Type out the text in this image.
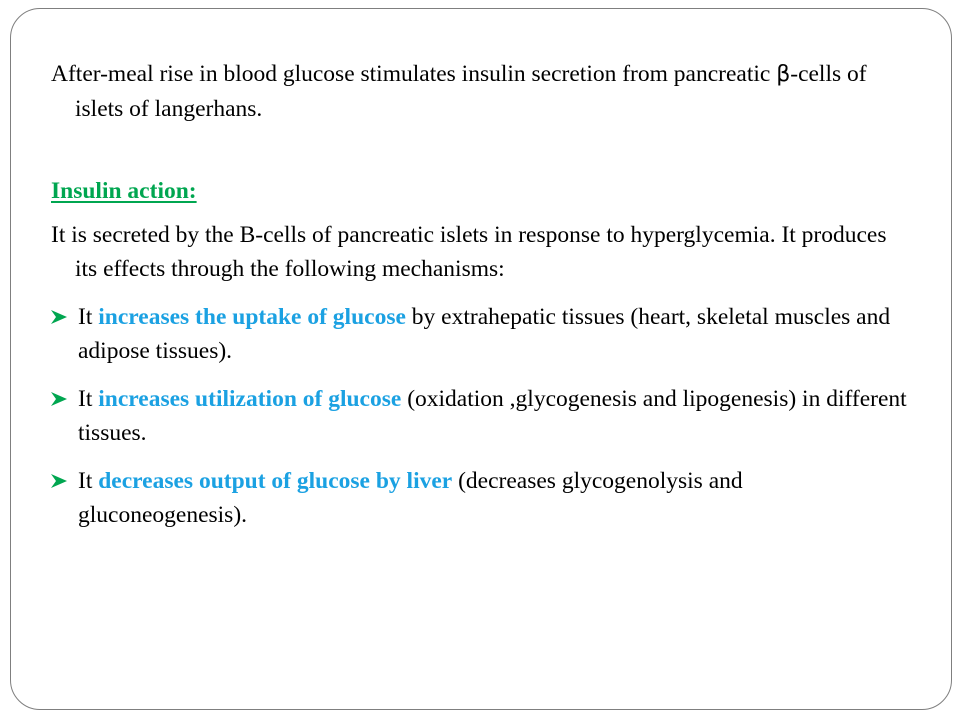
After-meal rise in blood glucose stimulates insulin secretion from pancreatic β-cells of islets of langerhans.

Insulin action:

It is secreted by the B-cells of pancreatic islets in response to hyperglycemia. It produces its effects through the following mechanisms:

It increases the uptake of glucose by extrahepatic tissues (heart, skeletal muscles and adipose tissues).
It increases utilization of glucose (oxidation ,glycogenesis and lipogenesis) in different tissues.
It decreases output of glucose by liver (decreases glycogenolysis and gluconeogenesis).
